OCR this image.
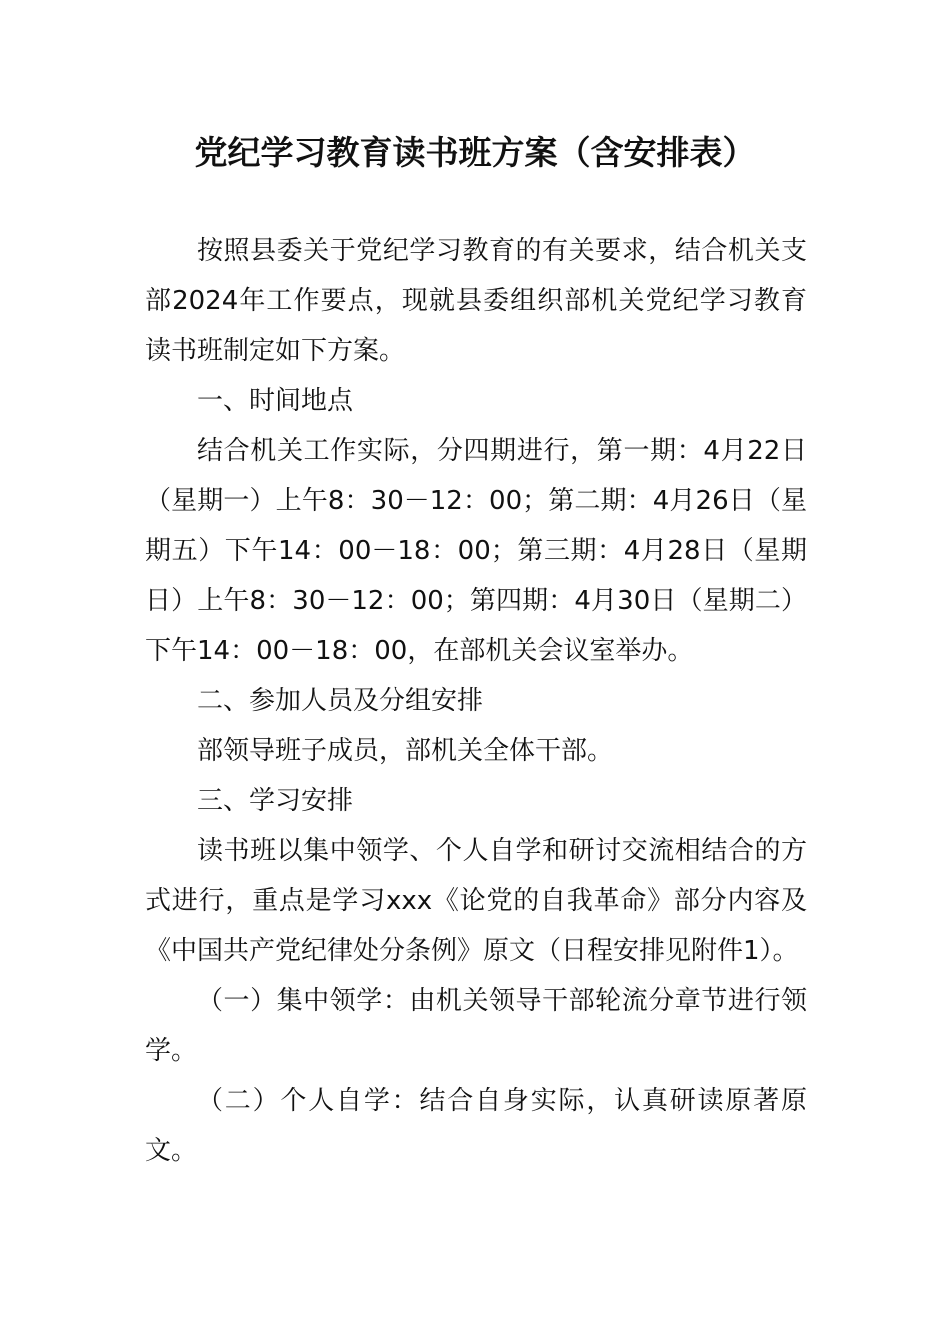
党纪学习教育读书班方案（含安排表）

按照县委关于党纪学习教育的有关要求，结合机关支部2024年工作要点，现就县委组织部机关党纪学习教育读书班制定如下方案。

一、时间地点

结合机关工作实际，分四期进行，第一期：4月22日（星期一）上午8：30－12：00；第二期：4月26日（星期五）下午14：00－18：00；第三期：4月28日（星期日）上午8：30－12：00；第四期：4月30日（星期二）下午14：00－18：00，在部机关会议室举办。

二、参加人员及分组安排

部领导班子成员，部机关全体干部。

三、学习安排

读书班以集中领学、个人自学和研讨交流相结合的方式进行，重点是学习xxx《论党的自我革命》部分内容及《中国共产党纪律处分条例》原文（日程安排见附件1）。

（一）集中领学：由机关领导干部轮流分章节进行领学。

（二）个人自学：结合自身实际，认真研读原著原文。
